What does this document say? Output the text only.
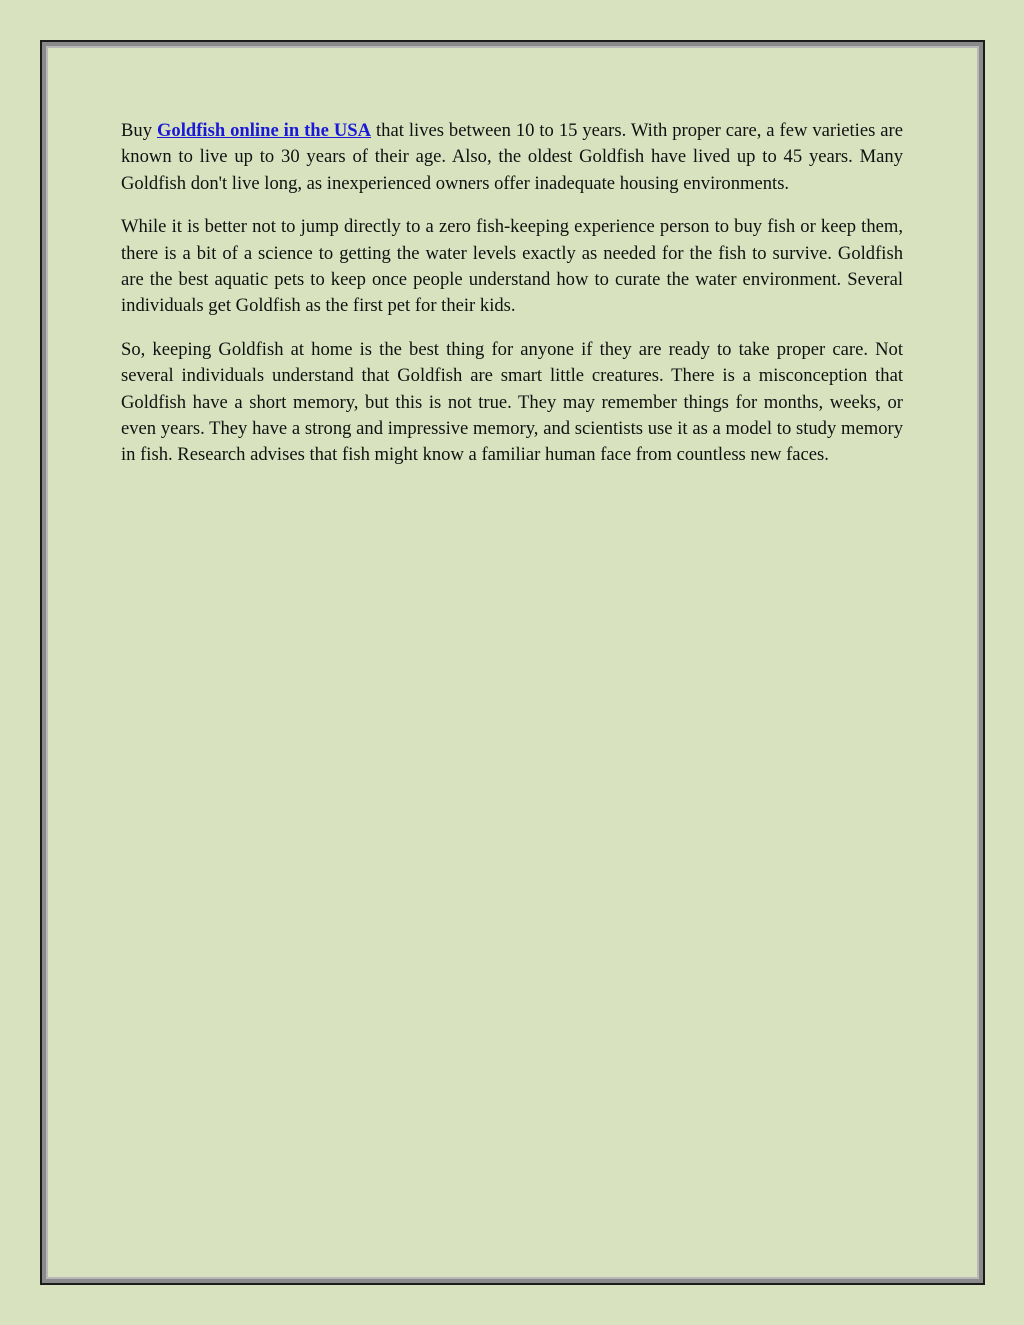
Buy Goldfish online in the USA that lives between 10 to 15 years. With proper care, a few varieties are known to live up to 30 years of their age. Also, the oldest Goldfish have lived up to 45 years. Many Goldfish don't live long, as inexperienced owners offer inadequate housing environments.

While it is better not to jump directly to a zero fish-keeping experience person to buy fish or keep them, there is a bit of a science to getting the water levels exactly as needed for the fish to survive. Goldfish are the best aquatic pets to keep once people understand how to curate the water environment. Several individuals get Goldfish as the first pet for their kids.

So, keeping Goldfish at home is the best thing for anyone if they are ready to take proper care. Not several individuals understand that Goldfish are smart little creatures. There is a misconception that Goldfish have a short memory, but this is not true. They may remember things for months, weeks, or even years. They have a strong and impressive memory, and scientists use it as a model to study memory in fish. Research advises that fish might know a familiar human face from countless new faces.
